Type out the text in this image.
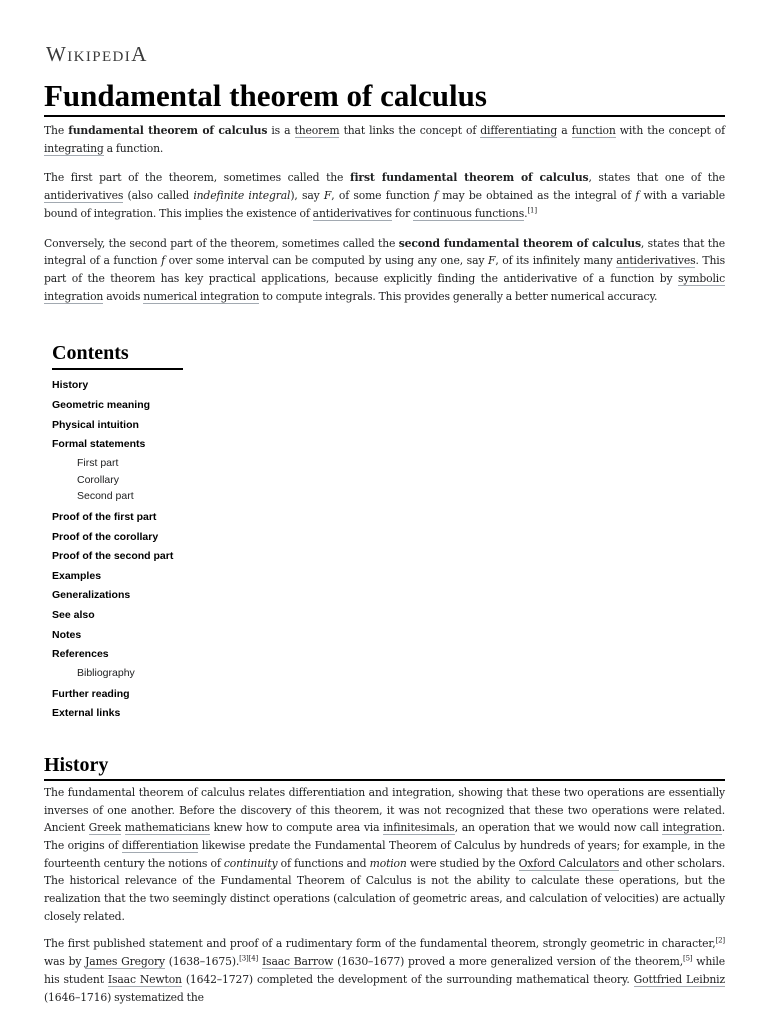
WIKIPEDIA
Fundamental theorem of calculus

The fundamental theorem of calculus is a theorem that links the concept of differentiating a function with the concept of integrating a function.

The first part of the theorem, sometimes called the first fundamental theorem of calculus, states that one of the antiderivatives (also called indefinite integral), say F, of some function f may be obtained as the integral of f with a variable bound of integration. This implies the existence of antiderivatives for continuous functions.[1]

Conversely, the second part of the theorem, sometimes called the second fundamental theorem of calculus, states that the integral of a function f over some interval can be computed by using any one, say F, of its infinitely many antiderivatives. This part of the theorem has key practical applications, because explicitly finding the antiderivative of a function by symbolic integration avoids numerical integration to compute integrals. This provides generally a better numerical accuracy.

Contents
History
Geometric meaning
Physical intuition
Formal statements
First part
Corollary
Second part
Proof of the first part
Proof of the corollary
Proof of the second part
Examples
Generalizations
See also
Notes
References
Bibliography
Further reading
External links
History

The fundamental theorem of calculus relates differentiation and integration, showing that these two operations are essentially inverses of one another. Before the discovery of this theorem, it was not recognized that these two operations were related. Ancient Greek mathematicians knew how to compute area via infinitesimals, an operation that we would now call integration. The origins of differentiation likewise predate the Fundamental Theorem of Calculus by hundreds of years; for example, in the fourteenth century the notions of continuity of functions and motion were studied by the Oxford Calculators and other scholars. The historical relevance of the Fundamental Theorem of Calculus is not the ability to calculate these operations, but the realization that the two seemingly distinct operations (calculation of geometric areas, and calculation of velocities) are actually closely related.

The first published statement and proof of a rudimentary form of the fundamental theorem, strongly geometric in character,[2] was by James Gregory (1638–1675).[3][4] Isaac Barrow (1630–1677) proved a more generalized version of the theorem,[5] while his student Isaac Newton (1642–1727) completed the development of the surrounding mathematical theory. Gottfried Leibniz (1646–1716) systematized the
